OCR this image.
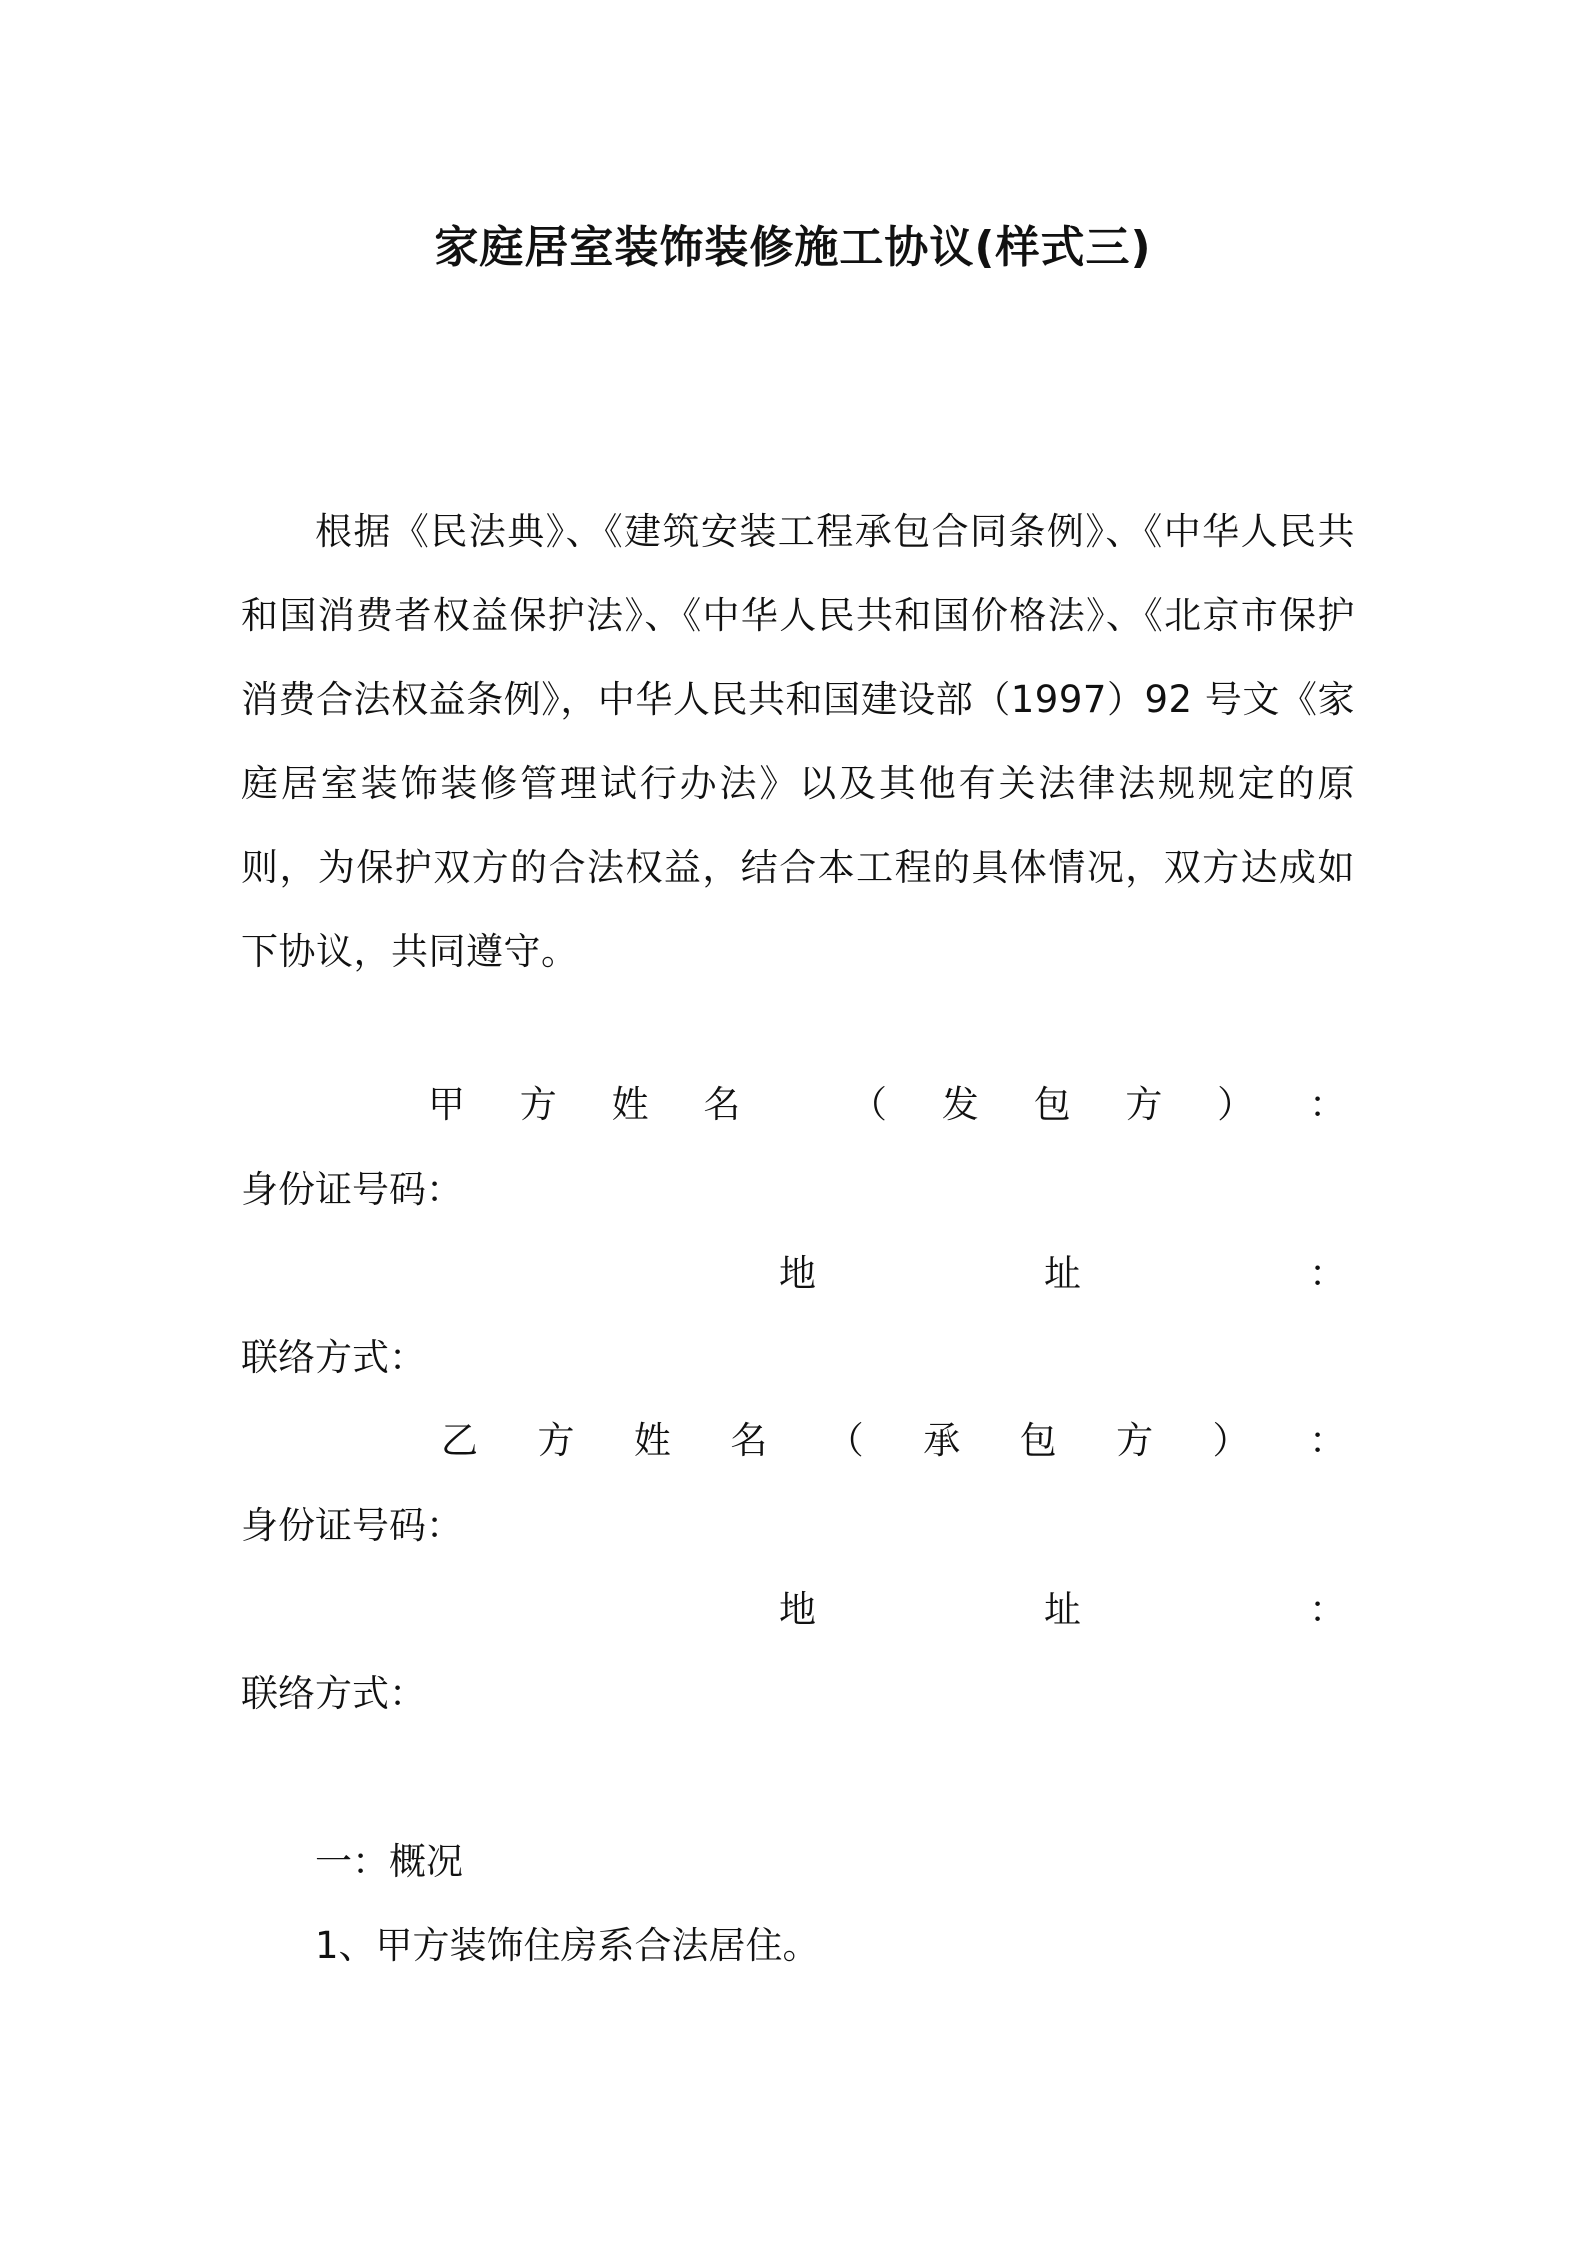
家庭居室装饰装修施工协议(样式三)
根据《民法典》、《建筑安装工程承包合同条例》、《中华人民共和国消费者权益保护法》、《中华人民共和国价格法》、《北京市保护消费合法权益条例》，中华人民共和国建设部（1997）92 号文《家庭居室装饰装修管理试行办法》以及其他有关法律法规规定的原则，为保护双方的合法权益，结合本工程的具体情况，双方达成如下协议，共同遵守。
甲 方 姓 名	（ 发 包 方 ） ：
身份证号码：
地	址	：
联络方式：
乙 方 姓 名 （ 承 包 方 ） ：
身份证号码：
地	址	：
联络方式：
一：概况
1、甲方装饰住房系合法居住。
